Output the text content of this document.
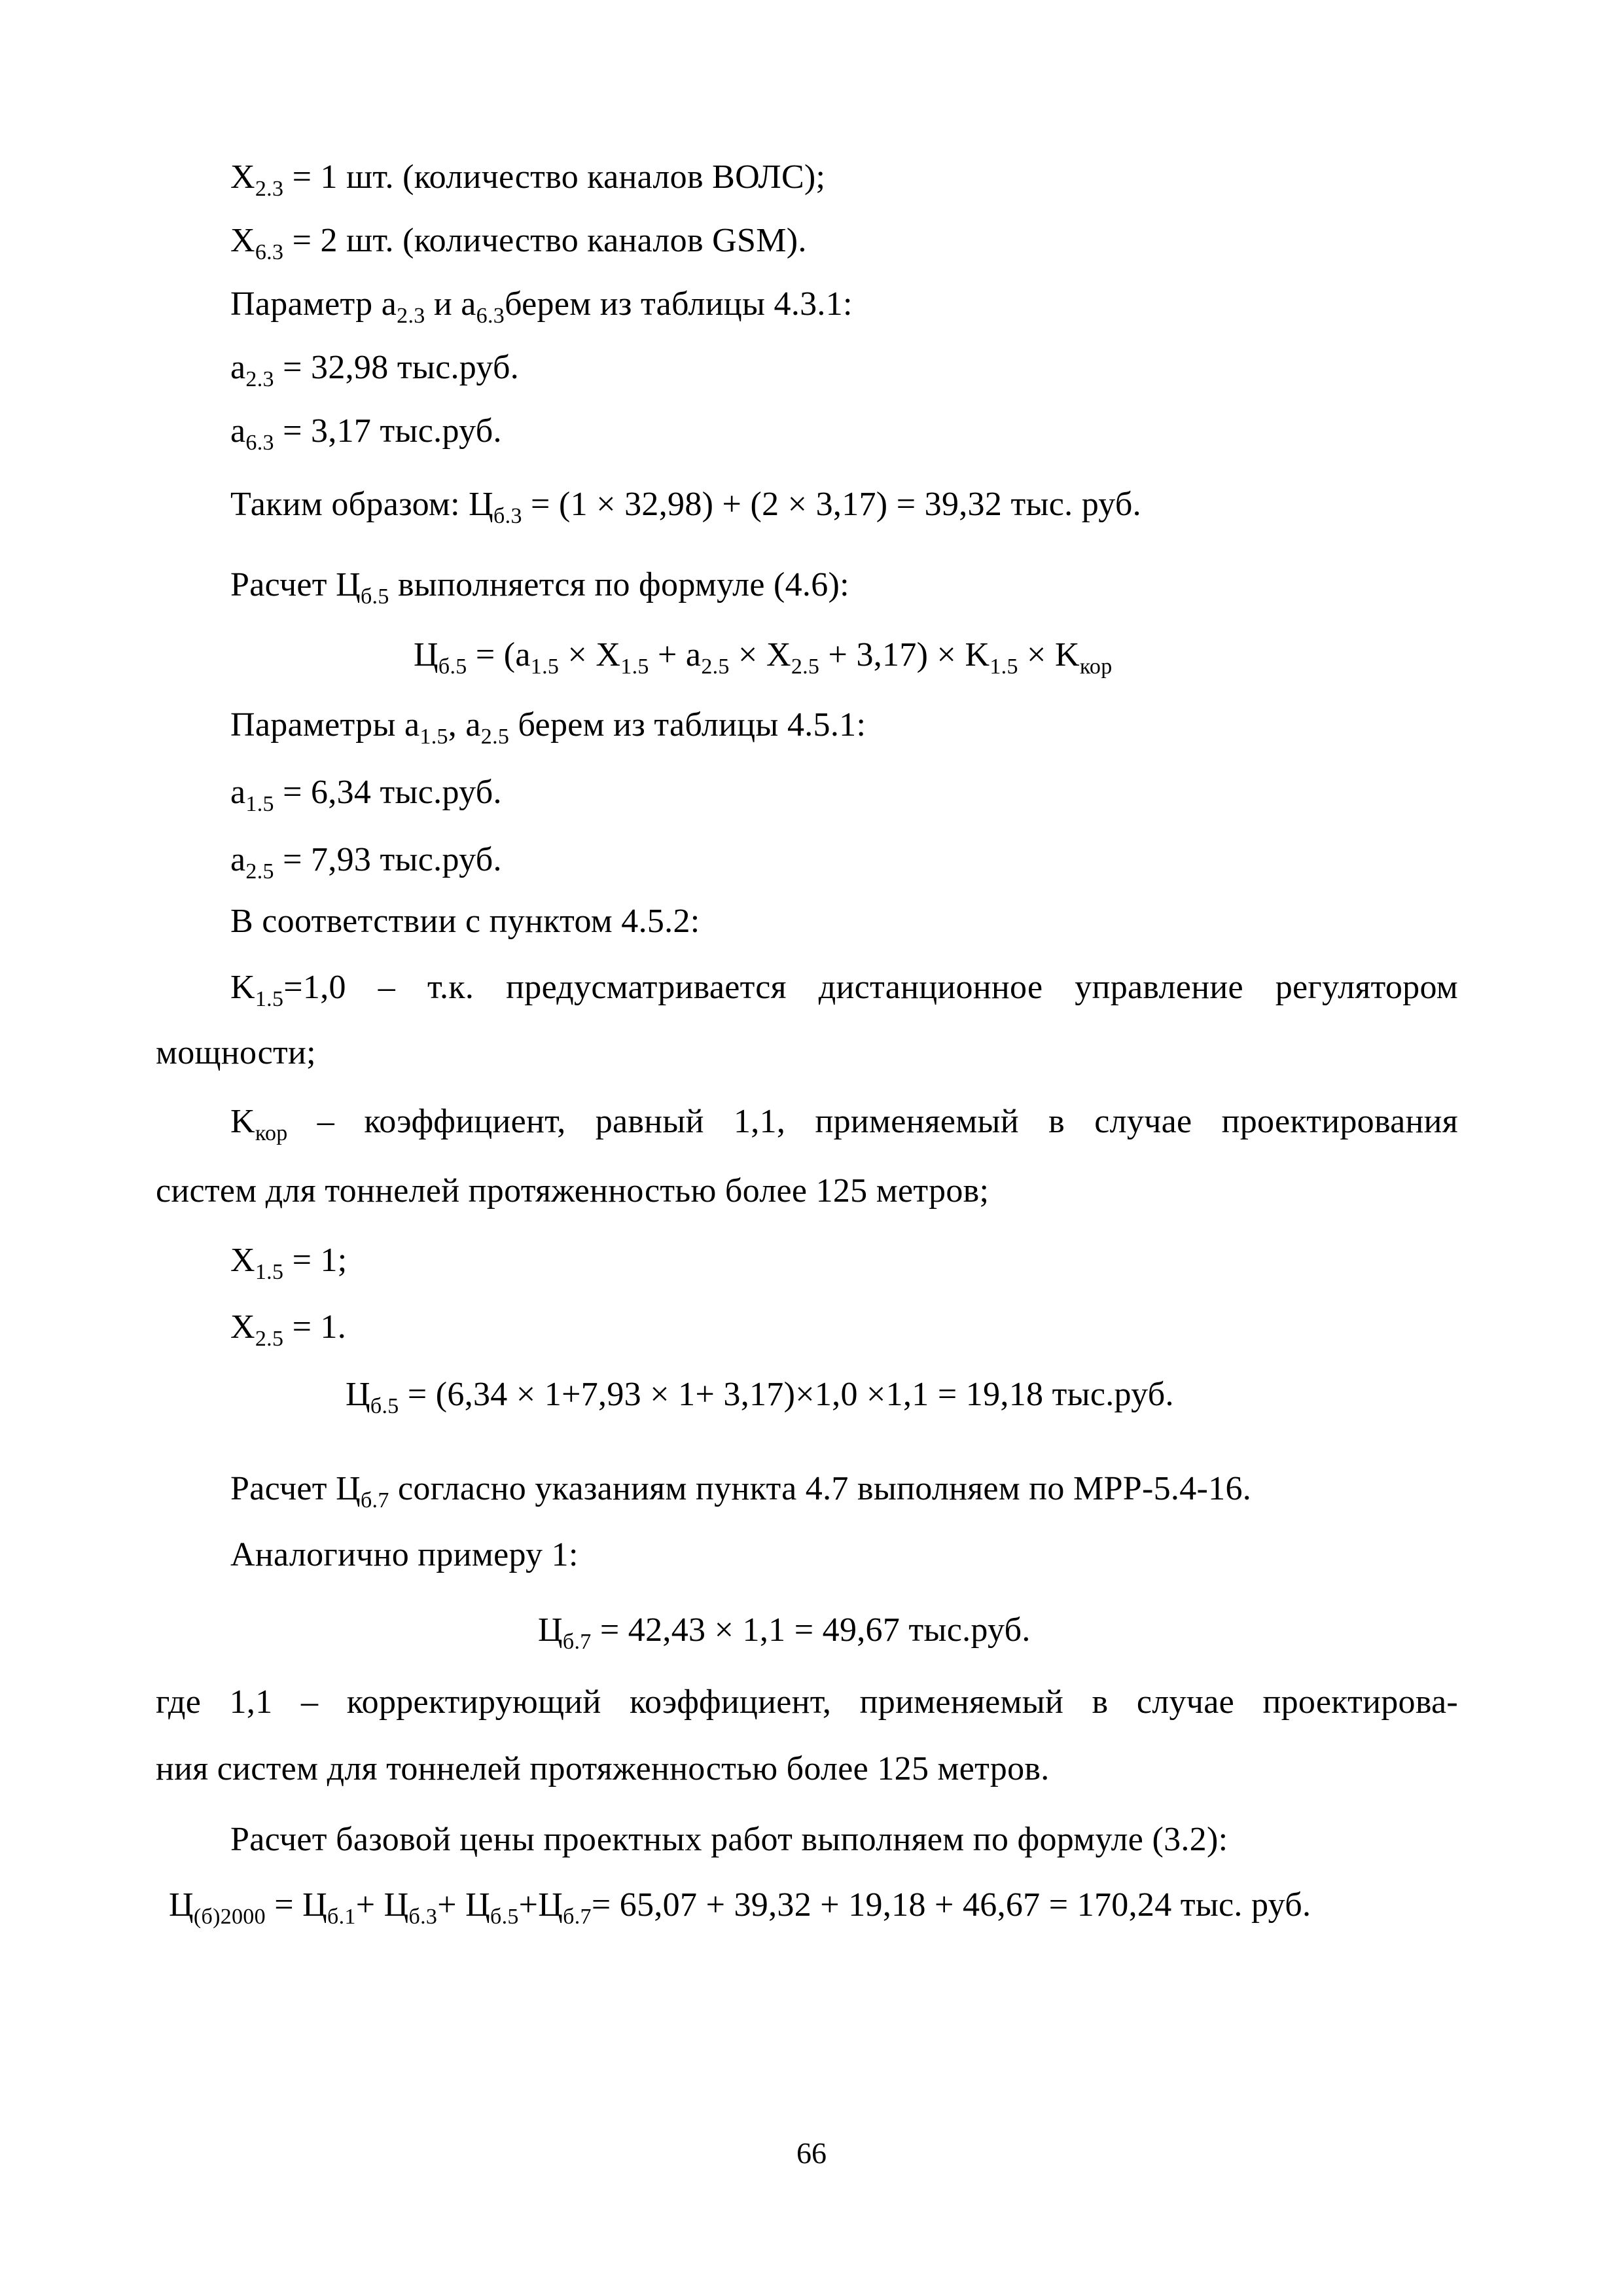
$X_{2.3} = 1$ шт. (количество каналов ВОЛС);
$X_{6.3} = 2$ шт. (количество каналов GSM).
Параметр $a_{2.3}$ и $a_{6.3}берем$ из таблицы 4.3.1:
$a_{2.3} = 32,98$ тыс.руб.
$a_{6.3} = 3,17$ тыс.руб.
Таким образом: $Ц_{б.3} = (1 \times 32,98) + (2 \times 3,17) = 39,32$ тыс. руб.
Расчет $Ц_{б.5}$ выполняется по формуле (4.6):
$Ц_{б.5} = (a_{1.5} \times X_{1.5} + a_{2.5} \times X_{2.5} + 3,17) \times K_{1.5} \times K_{кор}$
Параметры $a_{1.5}$, $a_{2.5}$ берем из таблицы 4.5.1:
$a_{1.5} = 6,34$ тыс.руб.
$a_{2.5} = 7,93$ тыс.руб.
В соответствии с пунктом 4.5.2:
$K_{1.5}=1,0 - т.к$. предусматривается дистанционное управление регулятором
мощности;
$K_{кор}$ – коэффициент, равный 1,1, применяемый в случае проектирования
систем для тоннелей протяженностью более 125 метров;
$X_{1.5} = 1$;
$X_{2.5} = 1$.
$Ц_{б.5} = (6,34 \times 1+7,93 \times 1+ 3,17)\times 1,0 \times 1,1 = 19,18$ тыс.руб.
Расчет $Ц_{б.7}$ согласно указаниям пункта 4.7 выполняем по МРР-5.4-16.
Аналогично примеру 1:
$Ц_{б.7} = 42,43 \times 1,1 = 49,67$ тыс.руб.
где 1,1 – корректирующий коэффициент, применяемый в случае проектирова-
ния систем для тоннелей протяженностью более 125 метров.
Расчет базовой цены проектных работ выполняем по формуле (3.2):
$Ц_{(б)2000} = Ц_{б.1}+ Ц_{б.3}+ Ц_{б.5}+Ц_{б.7}= 65,07 + 39,32 + 19,18 + 46,67 = 170,24$ тыс. руб.
66
